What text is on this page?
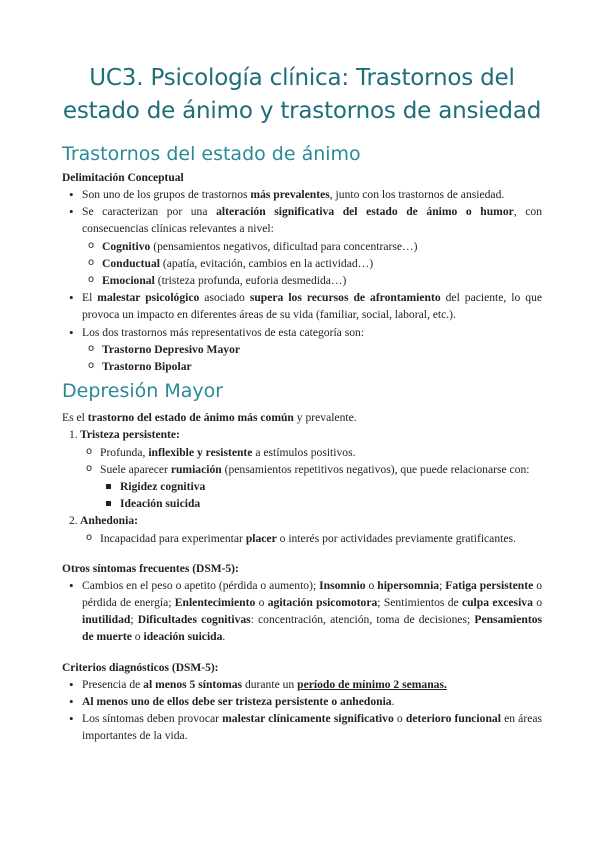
UC3. Psicología clínica: Trastornos del estado de ánimo y trastornos de ansiedad
Trastornos del estado de ánimo

Delimitación Conceptual

• Son uno de los grupos de trastornos más prevalentes, junto con los trastornos de ansiedad.
• Se caracterizan por una alteración significativa del estado de ánimo o humor, con consecuencias clínicas relevantes a nivel:
o Cognitivo (pensamientos negativos, dificultad para concentrarse…)
o Conductual (apatía, evitación, cambios en la actividad…)
o Emocional (tristeza profunda, euforia desmedida…)
• El malestar psicológico asociado supera los recursos de afrontamiento del paciente, lo que provoca un impacto en diferentes áreas de su vida (familiar, social, laboral, etc.).
• Los dos trastornos más representativos de esta categoría son:
o Trastorno Depresivo Mayor
o Trastorno Bipolar
Depresión Mayor

Es el trastorno del estado de ánimo más común y prevalente.

1. Tristeza persistente:
o Profunda, inflexible y resistente a estímulos positivos.
o Suele aparecer rumiación (pensamientos repetitivos negativos), que puede relacionarse con:
Rigidez cognitiva
Ideación suicida
2. Anhedonia:
o Incapacidad para experimentar placer o interés por actividades previamente gratificantes.

Otros síntomas frecuentes (DSM-5):

• Cambios en el peso o apetito (pérdida o aumento); Insomnio o hipersomnia; Fatiga persistente o pérdida de energía; Enlentecimiento o agitación psicomotora; Sentimientos de culpa excesiva o inutilidad; Dificultades cognitivas: concentración, atención, toma de decisiones; Pensamientos de muerte o ideación suicida.

Criterios diagnósticos (DSM-5):

• Presencia de al menos 5 síntomas durante un período de mínimo 2 semanas.
• Al menos uno de ellos debe ser tristeza persistente o anhedonia.
• Los síntomas deben provocar malestar clínicamente significativo o deterioro funcional en áreas importantes de la vida.
